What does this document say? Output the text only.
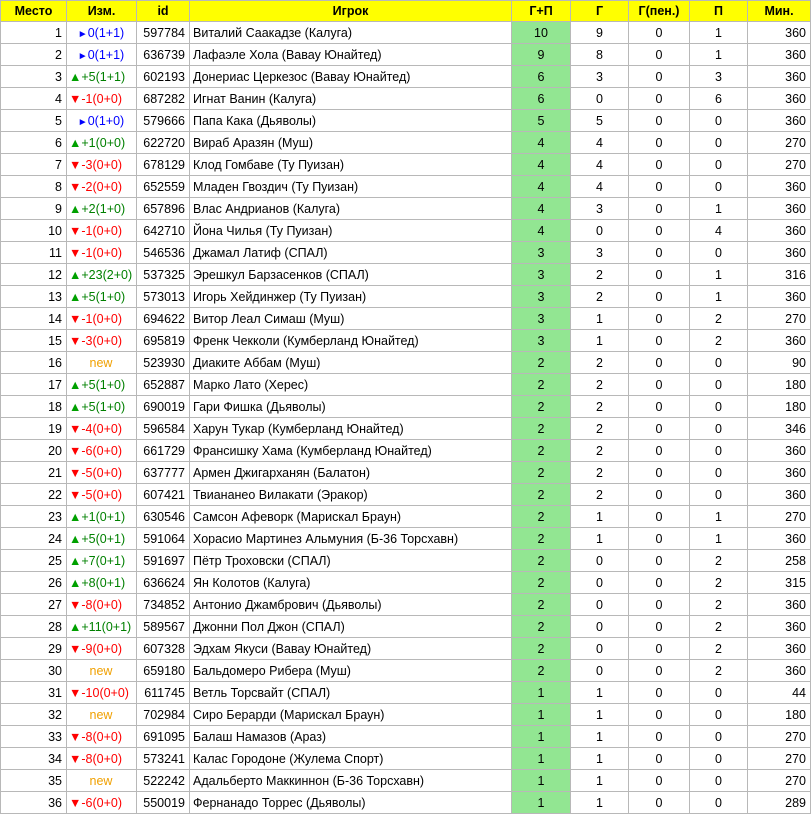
Место	Изм.	id	Игрок	Г+П	Г	Г(пен.)	П	Мин.
1	►0(1+1)	597784	Виталий Саакадзе (Калуга)	10	9	0	1	360
2	►0(1+1)	636739	Лафаэле Хола (Вавау Юнайтед)	9	8	0	1	360
3	▲+5(1+1)	602193	Донериас Церкезос (Вавау Юнайтед)	6	3	0	3	360
4	▼-1(0+0)	687282	Игнат Ванин (Калуга)	6	0	0	6	360
5	►0(1+0)	579666	Папа Кака (Дьяволы)	5	5	0	0	360
6	▲+1(0+0)	622720	Вираб Аразян (Муш)	4	4	0	0	270
7	▼-3(0+0)	678129	Клод Гомбаве (Ту Пуизан)	4	4	0	0	270
8	▼-2(0+0)	652559	Младен Гвоздич (Ту Пуизан)	4	4	0	0	360
9	▲+2(1+0)	657896	Влас Андрианов (Калуга)	4	3	0	1	360
10	▼-1(0+0)	642710	Йона Чилья (Ту Пуизан)	4	0	0	4	360
11	▼-1(0+0)	546536	Джамал Латиф (СПАЛ)	3	3	0	0	360
12	▲+23(2+0)	537325	Эрешкул Барзасенков (СПАЛ)	3	2	0	1	316
13	▲+5(1+0)	573013	Игорь Хейдинжер (Ту Пуизан)	3	2	0	1	360
14	▼-1(0+0)	694622	Витор Леал Симаш (Муш)	3	1	0	2	270
15	▼-3(0+0)	695819	Френк Чекколи (Кумберланд Юнайтед)	3	1	0	2	360
16	new	523930	Диаките Аббам (Муш)	2	2	0	0	90
17	▲+5(1+0)	652887	Марко Лато (Херес)	2	2	0	0	180
18	▲+5(1+0)	690019	Гари Фишка (Дьяволы)	2	2	0	0	180
19	▼-4(0+0)	596584	Харун Тукар (Кумберланд Юнайтед)	2	2	0	0	346
20	▼-6(0+0)	661729	Франсишку Хама (Кумберланд Юнайтед)	2	2	0	0	360
21	▼-5(0+0)	637777	Армен Джигарханян (Балатон)	2	2	0	0	360
22	▼-5(0+0)	607421	Твиананео Вилакати (Эракор)	2	2	0	0	360
23	▲+1(0+1)	630546	Самсон Афеворк (Марискал Браун)	2	1	0	1	270
24	▲+5(0+1)	591064	Хорасио Мартинез Альмуния (Б-36 Торсхавн)	2	1	0	1	360
25	▲+7(0+1)	591697	Пётр Троховски (СПАЛ)	2	0	0	2	258
26	▲+8(0+1)	636624	Ян Колотов (Калуга)	2	0	0	2	315
27	▼-8(0+0)	734852	Антонио Джамбрович (Дьяволы)	2	0	0	2	360
28	▲+11(0+1)	589567	Джонни Пол Джон (СПАЛ)	2	0	0	2	360
29	▼-9(0+0)	607328	Эдхам Якуси (Вавау Юнайтед)	2	0	0	2	360
30	new	659180	Бальдомеро Рибера (Муш)	2	0	0	2	360
31	▼-10(0+0)	611745	Ветль Торсвайт (СПАЛ)	1	1	0	0	44
32	new	702984	Сиро Берарди (Марискал Браун)	1	1	0	0	180
33	▼-8(0+0)	691095	Балаш Намазов (Араз)	1	1	0	0	270
34	▼-8(0+0)	573241	Калас Городоне (Жулема Спорт)	1	1	0	0	270
35	new	522242	Адальберто Маккиннон (Б-36 Торсхавн)	1	1	0	0	270
36	▼-6(0+0)	550019	Фернанадо Торрес (Дьяволы)	1	1	0	0	289
